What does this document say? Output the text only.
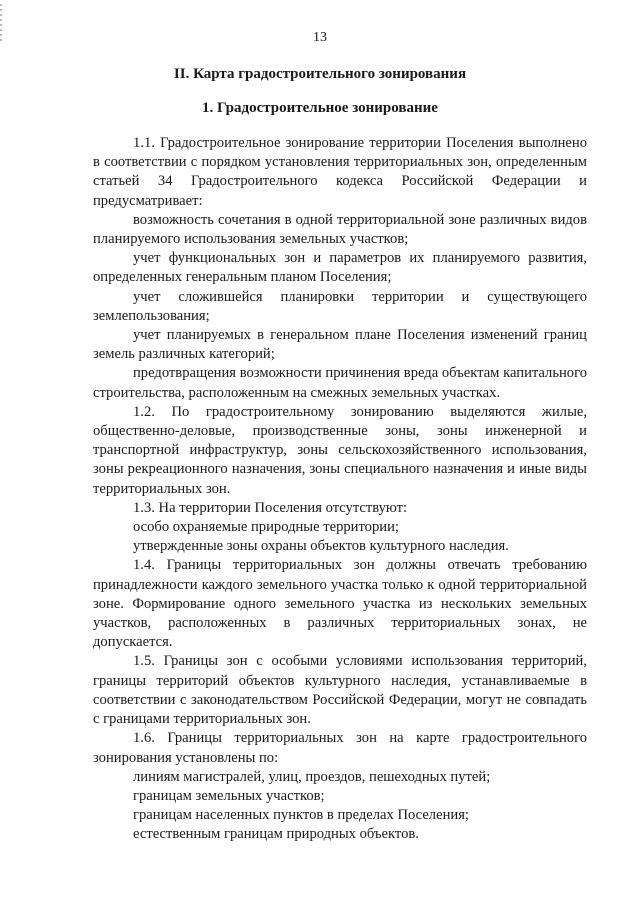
13
II. Карта градостроительного зонирования
1. Градостроительное зонирование

1.1. Градостроительное зонирование территории Поселения выполнено в соответствии с порядком установления территориальных зон, определенным статьей 34 Градостроительного кодекса Российской Федерации и предусматривает:

возможность сочетания в одной территориальной зоне различных видов планируемого использования земельных участков;

учет функциональных зон и параметров их планируемого развития, определенных генеральным планом Поселения;

учет сложившейся планировки территории и существующего землепользования;

учет планируемых в генеральном плане Поселения изменений границ земель различных категорий;

предотвращения возможности причинения вреда объектам капитального строительства, расположенным на смежных земельных участках.

1.2. По градостроительному зонированию выделяются жилые, общественно-деловые, производственные зоны, зоны инженерной и транспортной инфраструктур, зоны сельскохозяйственного использования, зоны рекреационного назначения, зоны специального назначения и иные виды территориальных зон.

1.3. На территории Поселения отсутствуют:

особо охраняемые природные территории;

утвержденные зоны охраны объектов культурного наследия.

1.4. Границы территориальных зон должны отвечать требованию принадлежности каждого земельного участка только к одной территориальной зоне. Формирование одного земельного участка из нескольких земельных участков, расположенных в различных территориальных зонах, не допускается.

1.5. Границы зон с особыми условиями использования территорий, границы территорий объектов культурного наследия, устанавливаемые в соответствии с законодательством Российской Федерации, могут не совпадать с границами территориальных зон.

1.6. Границы территориальных зон на карте градостроительного зонирования установлены по:

линиям магистралей, улиц, проездов, пешеходных путей;

границам земельных участков;

границам населенных пунктов в пределах Поселения;

естественным границам природных объектов.
